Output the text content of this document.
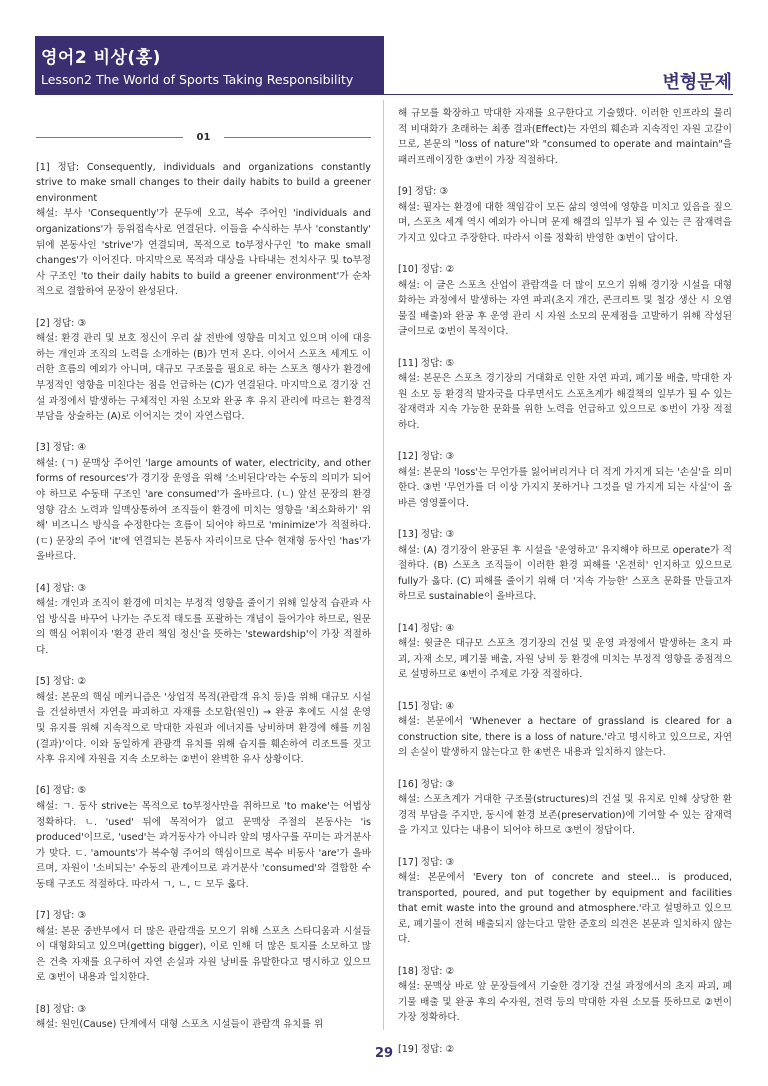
영어2 비상(홍)
Lesson2 The World of Sports Taking Responsibility	변형문제
01

[1] 정답: Consequently, individuals and organizations constantly strive to make small changes to their daily habits to build a greener environment

해설: 부사 'Consequently'가 문두에 오고, 복수 주어인 'individuals and organizations'가 등위접속사로 연결된다. 이들을 수식하는 부사 'constantly' 뒤에 본동사인 'strive'가 연결되며, 목적으로 to부정사구인 'to make small changes'가 이어진다. 마지막으로 목적과 대상을 나타내는 전치사구 및 to부정사 구조인 'to their daily habits to build a greener environment'가 순차적으로 결합하여 문장이 완성된다.

[2] 정답: ③

해설: 환경 관리 및 보호 정신이 우리 삶 전반에 영향을 미치고 있으며 이에 대응하는 개인과 조직의 노력을 소개하는 (B)가 먼저 온다. 이어서 스포츠 세계도 이러한 흐름의 예외가 아니며, 대규모 구조물을 필요로 하는 스포츠 행사가 환경에 부정적인 영향을 미친다는 점을 언급하는 (C)가 연결된다. 마지막으로 경기장 건설 과정에서 발생하는 구체적인 자원 소모와 완공 후 유지 관리에 따르는 환경적 부담을 상술하는 (A)로 이어지는 것이 자연스럽다.

[3] 정답: ④

해설: (ㄱ) 문맥상 주어인 'large amounts of water, electricity, and other forms of resources'가 경기장 운영을 위해 '소비된다'라는 수동의 의미가 되어야 하므로 수동태 구조인 'are consumed'가 올바르다. (ㄴ) 앞선 문장의 환경 영향 감소 노력과 일맥상통하여 조직들이 환경에 미치는 영향을 '최소화하기' 위해' 비즈니스 방식을 수정한다는 흐름이 되어야 하므로 'minimize'가 적절하다. (ㄷ) 문장의 주어 'it'에 연결되는 본동사 자리이므로 단수 현재형 동사인 'has'가 올바르다.

[4] 정답: ③

해설: 개인과 조직이 환경에 미치는 부정적 영향을 줄이기 위해 일상적 습관과 사업 방식을 바꾸어 나가는 주도적 태도를 포괄하는 개념이 들어가야 하므로, 원문의 핵심 어휘이자 '환경 관리 책임 정신'을 뜻하는 'stewardship'이 가장 적절하다.

[5] 정답: ②

해설: 본문의 핵심 메커니즘은 '상업적 목적(관람객 유치 등)을 위해 대규모 시설을 건설하면서 자연을 파괴하고 자재를 소모함(원인) → 완공 후에도 시설 운영 및 유지를 위해 지속적으로 막대한 자원과 에너지를 낭비하며 환경에 해를 끼침(결과)'이다. 이와 동일하게 관광객 유치를 위해 습지를 훼손하여 리조트를 짓고 사후 유지에 자원을 지속 소모하는 ②번이 완벽한 유사 상황이다.

[6] 정답: ⑤

해설: ㄱ. 동사 strive는 목적으로 to부정사만을 취하므로 'to make'는 어법상 정확하다. ㄴ. 'used' 뒤에 목적어가 없고 문맥상 주절의 본동사는 'is produced'이므로, 'used'는 과거동사가 아니라 앞의 명사구를 꾸미는 과거분사가 맞다. ㄷ. 'amounts'가 복수형 주어의 핵심이므로 복수 비동사 'are'가 올바르며, 자원이 '소비되는' 수동의 관계이므로 과거분사 'consumed'와 결합한 수동태 구조도 적절하다. 따라서 ㄱ, ㄴ, ㄷ 모두 옳다.

[7] 정답: ③

해설: 본문 중반부에서 더 많은 관람객을 모으기 위해 스포츠 스타디움과 시설들이 대형화되고 있으며(getting bigger), 이로 인해 더 많은 토지를 소모하고 많은 건축 자재를 요구하여 자연 손실과 자원 낭비를 유발한다고 명시하고 있으므로 ③번이 내용과 일치한다.

[8] 정답: ③

해설: 원인(Cause) 단계에서 대형 스포츠 시설들이 관람객 유치를 위

해 규모를 확장하고 막대한 자재를 요구한다고 기술했다. 이러한 인프라의 물리적 비대화가 초래하는 최종 결과(Effect)는 자연의 훼손과 지속적인 자원 고갈이므로, 본문의 "loss of nature"와 "consumed to operate and maintain"을 패러프레이징한 ③번이 가장 적절하다.

[9] 정답: ③

해설: 필자는 환경에 대한 책임감이 모든 삶의 영역에 영향을 미치고 있음을 짚으며, 스포츠 세계 역시 예외가 아니며 문제 해결의 일부가 될 수 있는 큰 잠재력을 가지고 있다고 주장한다. 따라서 이를 정확히 반영한 ③번이 답이다.

[10] 정답: ②

해설: 이 글은 스포츠 산업이 관람객을 더 많이 모으기 위해 경기장 시설을 대형화하는 과정에서 발생하는 자연 파괴(초지 개간, 콘크리트 및 철강 생산 시 오염 물질 배출)와 완공 후 운영 관리 시 자원 소모의 문제점을 고발하기 위해 작성된 글이므로 ②번이 목적이다.

[11] 정답: ⑤

해설: 본문은 스포츠 경기장의 거대화로 인한 자연 파괴, 폐기물 배출, 막대한 자원 소모 등 환경적 발자국을 다루면서도 스포츠계가 해결책의 일부가 될 수 있는 잠재력과 지속 가능한 문화를 위한 노력을 언급하고 있으므로 ⑤번이 가장 적절하다.

[12] 정답: ③

해설: 본문의 'loss'는 무언가를 잃어버리거나 더 적게 가지게 되는 '손실'을 의미한다. ③번 '무언가를 더 이상 가지지 못하거나 그것을 덜 가지게 되는 사실'이 올바른 영영풀이다.

[13] 정답: ③

해설: (A) 경기장이 완공된 후 시설을 '운영하고' 유지해야 하므로 operate가 적절하다. (B) 스포츠 조직들이 이러한 환경 피해를 '온전히' 인지하고 있으므로 fully가 옳다. (C) 피해를 줄이기 위해 더 '지속 가능한' 스포츠 문화를 만들고자 하므로 sustainable이 올바르다.

[14] 정답: ④

해설: 윗글은 대규모 스포츠 경기장의 건설 및 운영 과정에서 발생하는 초지 파괴, 자재 소모, 폐기물 배출, 자원 낭비 등 환경에 미치는 부정적 영향을 중점적으로 설명하므로 ④번이 주제로 가장 적절하다.

[15] 정답: ④

해설: 본문에서 'Whenever a hectare of grassland is cleared for a construction site, there is a loss of nature.'라고 명시하고 있으므로, 자연의 손실이 발생하지 않는다고 한 ④번은 내용과 일치하지 않는다.

[16] 정답: ③

해설: 스포츠계가 거대한 구조물(structures)의 건설 및 유지로 인해 상당한 환경적 부담을 주지만, 동시에 환경 보존(preservation)에 기여할 수 있는 잠재력을 가지고 있다는 내용이 되어야 하므로 ③번이 정답이다.

[17] 정답: ③

해설: 본문에서 'Every ton of concrete and steel... is produced, transported, poured, and put together by equipment and facilities that emit waste into the ground and atmosphere.'라고 설명하고 있으므로, 폐기물이 전혀 배출되지 않는다고 말한 준호의 의견은 본문과 일치하지 않는다.

[18] 정답: ②

해설: 문맥상 바로 앞 문장들에서 기술한 경기장 건설 과정에서의 초지 파괴, 폐기물 배출 및 완공 후의 수자원, 전력 등의 막대한 자원 소모를 뜻하므로 ②번이 가장 정확하다.

[19] 정답: ②

29
